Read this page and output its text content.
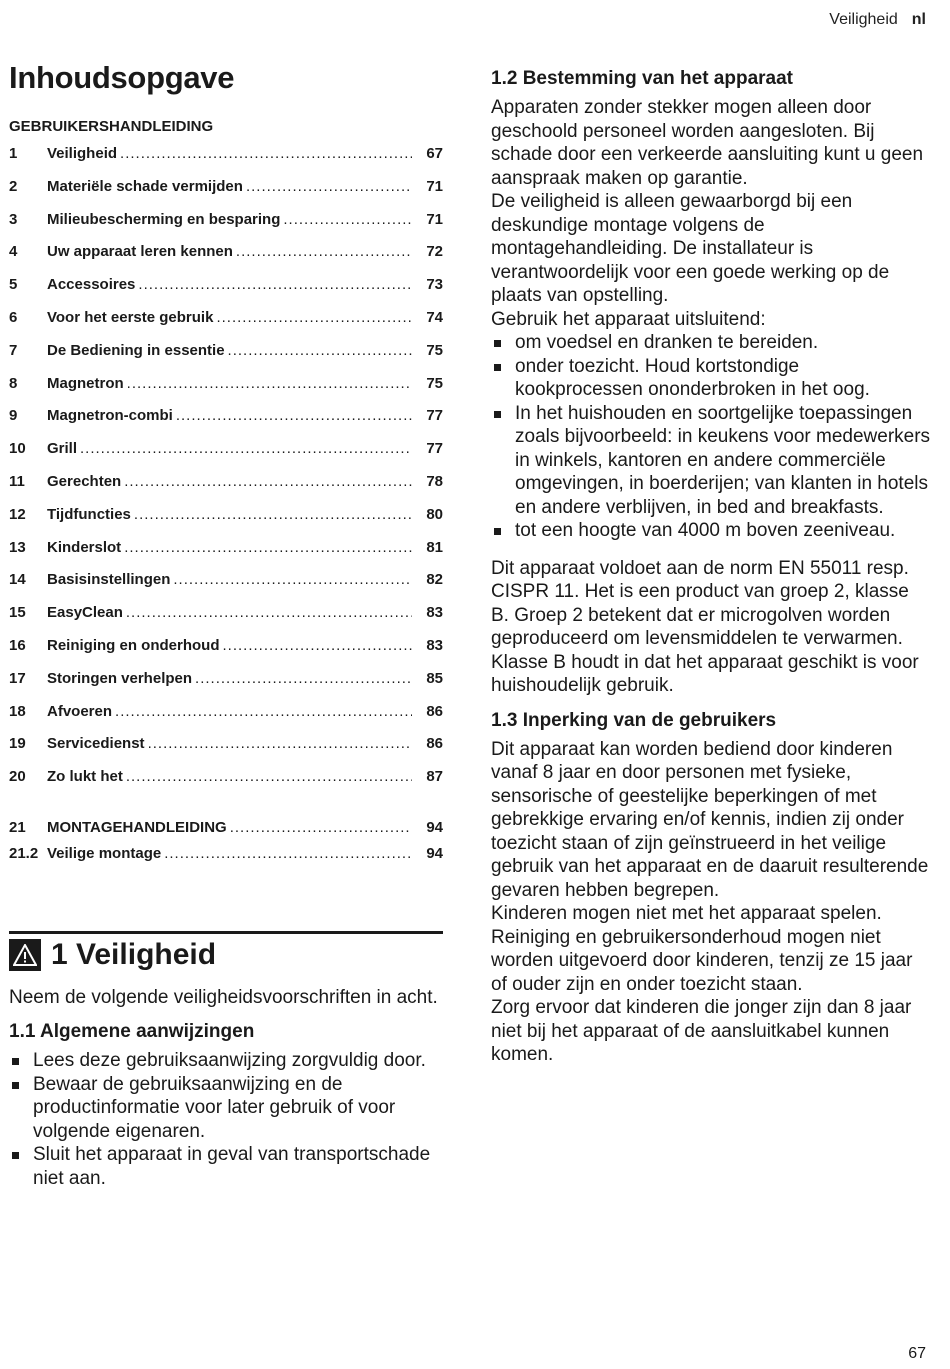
Veiligheid nl
Inhoudsopgave
GEBRUIKERSHANDLEIDING
1	Veiligheid .....	67
2	Materiële schade vermijden .....	71
3	Milieubescherming en besparing .....	71
4	Uw apparaat leren kennen .....	72
5	Accessoires .....	73
6	Voor het eerste gebruik .....	74
7	De Bediening in essentie .....	75
8	Magnetron .....	75
9	Magnetron-combi .....	77
10	Grill .....	77
11	Gerechten .....	78
12	Tijdfuncties .....	80
13	Kinderslot .....	81
14	Basisinstellingen .....	82
15	EasyClean .....	83
16	Reiniging en onderhoud .....	83
17	Storingen verhelpen .....	85
18	Afvoeren .....	86
19	Servicedienst .....	86
20	Zo lukt het .....	87
21	MONTAGEHANDLEIDING .....	94
21.2 Veilige montage .....	94
1 Veiligheid

Neem de volgende veiligheidsvoorschriften in acht.

1.1 Algemene aanwijzingen
Lees deze gebruiksaanwijzing zorgvuldig door.
Bewaar de gebruiksaanwijzing en de productinformatie voor later gebruik of voor volgende eigenaren.
Sluit het apparaat in geval van transportschade niet aan.
1.2 Bestemming van het apparaat

Apparaten zonder stekker mogen alleen door geschoold personeel worden aangesloten. Bij schade door een verkeerde aansluiting kunt u geen aanspraak maken op garantie.

De veiligheid is alleen gewaarborgd bij een deskundige montage volgens de montagehandleiding. De installateur is verantwoordelijk voor een goede werking op de plaats van opstelling.

Gebruik het apparaat uitsluitend:

om voedsel en dranken te bereiden.
onder toezicht. Houd kortstondige kookprocessen ononderbroken in het oog.
In het huishouden en soortgelijke toepassingen zoals bijvoorbeeld: in keukens voor medewerkers in winkels, kantoren en andere commerciële omgevingen, in boerderijen; van klanten in hotels en andere verblijven, in bed and breakfasts.
tot een hoogte van 4000 m boven zeeniveau.

Dit apparaat voldoet aan de norm EN 55011 resp. CISPR 11. Het is een product van groep 2, klasse B. Groep 2 betekent dat er microgolven worden geproduceerd om levensmiddelen te verwarmen. Klasse B houdt in dat het apparaat geschikt is voor huishoudelijk gebruik.

1.3 Inperking van de gebruikers

Dit apparaat kan worden bediend door kinderen vanaf 8 jaar en door personen met fysieke, sensorische of geestelijke beperkingen of met gebrekkige ervaring en/of kennis, indien zij onder toezicht staan of zijn geïnstrueerd in het veilige gebruik van het apparaat en de daaruit resulterende gevaren hebben begrepen.

Kinderen mogen niet met het apparaat spelen.

Reiniging en gebruikersonderhoud mogen niet worden uitgevoerd door kinderen, tenzij ze 15 jaar of ouder zijn en onder toezicht staan.

Zorg ervoor dat kinderen die jonger zijn dan 8 jaar niet bij het apparaat of de aansluitkabel kunnen komen.

67
